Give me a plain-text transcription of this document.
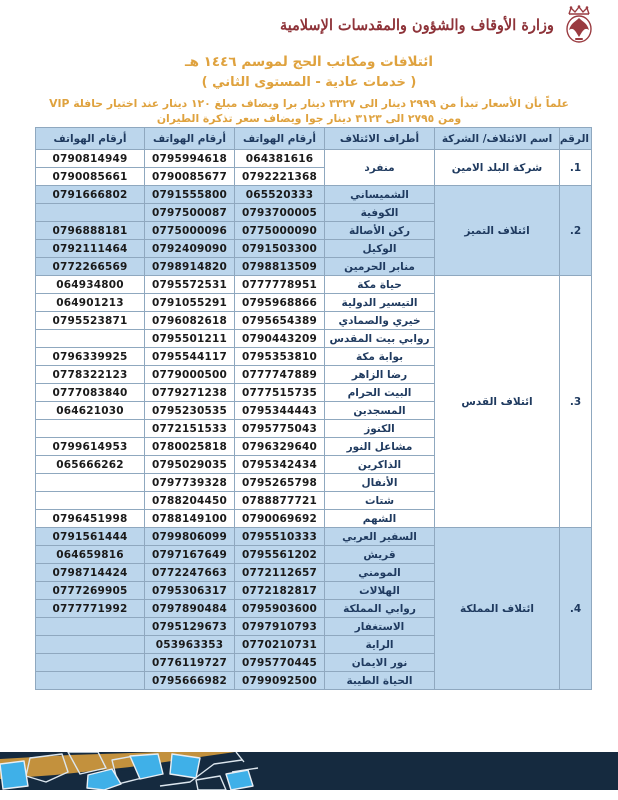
وزارة الأوقاف والشؤون والمقدسات الإسلامية
ائتلافات ومكاتب الحج لموسم ١٤٤٦ هـ
( خدمات عادية - المستوى الثاني )
علماً بأن الأسعار تبدأ من ٢٩٩٩ دينار الى ٣٣٢٧ دينار برا ويضاف مبلغ ١٢٠ دينار عند اختيار حافلة VIP
ومن ٢٧٩٥ الى ٣١٢٣ دينار جوا ويضاف سعر تذكرة الطيران
الرقم	اسم الائتلاف/ الشركة	أطراف الائتلاف	أرقام الهواتف	أرقام الهواتف	أرقام الهواتف
.1	شركة البلد الامين	منفرد	064381616	0795994618	0790814949
			0792221368	0790085677	0790085661
.2	ائتلاف التميز	الشميساني	065520333	0791555800	0791666802
		الكوفية	0793700005	0797500087	
		ركن الأصالة	0775000090	0775000096	0796888181
		الوكيل	0791503300	0792409090	0792111464
		منابر الحرمين	0798813509	0798914820	0772266569
.3	ائتلاف القدس	حياة مكة	0777778951	0795572531	064934800
		التيسير الدولية	0795968866	0791055291	064901213
		خيري والصمادي	0795654389	0796082618	0795523871
		روابي بيت المقدس	0790443209	0795501211	
		بوابة مكة	0795353810	0795544117	0796339925
		رضا الزاهر	0777747889	0779000500	0778322123
		البيت الحرام	0777515735	0779271238	0777083840
		المسجدين	0795344443	0795230535	064621030
		الكنوز	0795775043	0772151533	
		مشاعل النور	0796329640	0780025818	0799614953
		الذاكرين	0795342434	0795029035	065666262
		الأنفال	0795265798	0797739328	
		شتات	0788877721	0788204450	
		الشهم	0790069692	0788149100	0796451998
.4	ائتلاف المملكة	السفير العربي	0795510333	0799806099	0791561444
		قريش	0795561202	0797167649	064659816
		المومني	0772112657	0772247663	0798714424
		الهلالات	0772182817	0795306317	0777269905
		روابي المملكة	0795903600	0797890484	0777771992
		الاستغفار	0797910793	0795129673	
		الراية	0770210731	053963353	
		نور الايمان	0795770445	0776119727	
		الحياة الطيبة	0799092500	0795666982	
